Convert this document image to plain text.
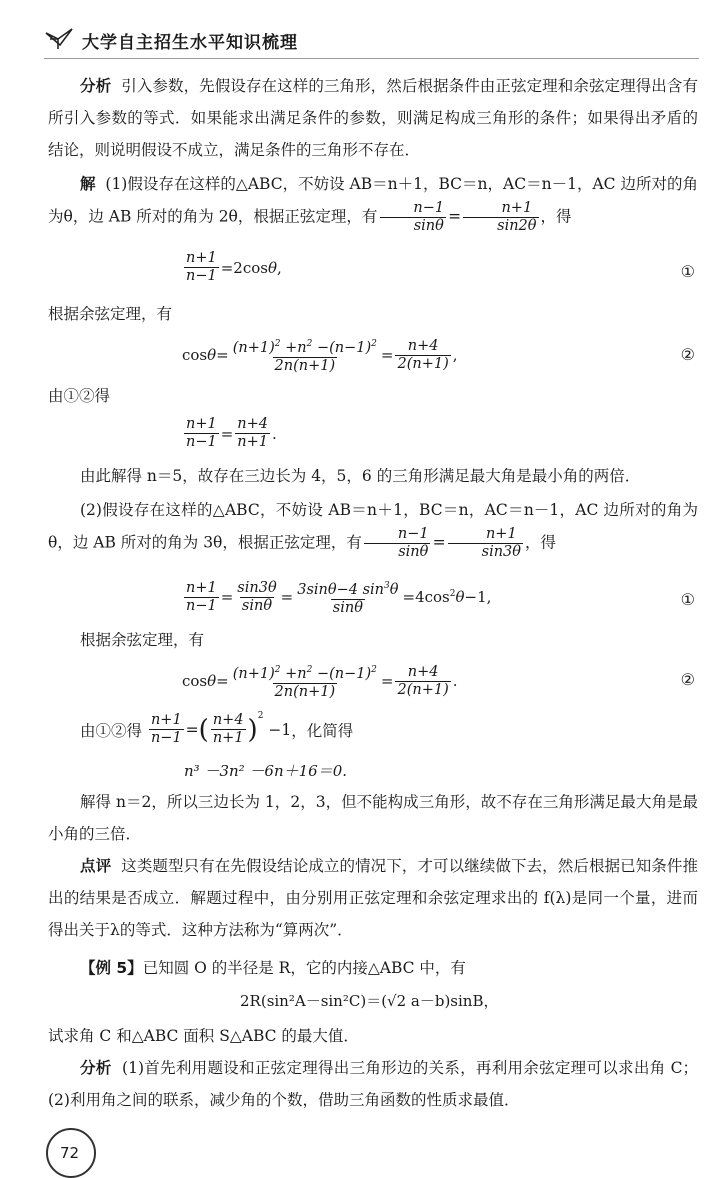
大学自主招生水平知识梳理
分析 引入参数，先假设存在这样的三角形，然后根据条件由正弦定理和余弦定理得出含有所引入参数的等式．如果能求出满足条件的参数，则满足构成三角形的条件；如果得出矛盾的结论，则说明假设不成立，满足条件的三角形不存在．
解 (1)假设存在这样的△ABC，不妨设 AB＝n＋1，BC＝n，AC＝n－1，AC 边所对的角为θ，边 AB 所对的角为 2θ，根据正弦定理，有 $\frac{n-1}{\sin\theta} = \frac{n+1}{\sin 2\theta}$ ，得
$\frac{n+1}{n-1} =2\cos$ θ ,	①
根据余弦定理，有
$\cos \theta = \frac{(n+1)^2 +n^2 -(n-1)^2}{2n(n+1)} = \frac{n+4}{2(n+1)}$ ,	②
由①②得
$\frac{n+1}{n-1} = \frac{n+4}{n+1}$ .
由此解得 n＝5，故存在三边长为 4，5，6 的三角形满足最大角是最小角的两倍．
(2)假设存在这样的△ABC，不妨设 AB＝n＋1，BC＝n，AC＝n－1，AC 边所对的角为θ，边 AB 所对的角为 3θ，根据正弦定理，有 $\frac{n-1}{\sin\theta} = \frac{n+1}{\sin 3\theta}$ ，得
$\frac{n+1}{n-1} = \frac{\sin 3\theta}{\sin\theta} = \frac{3\sin\theta-4 \sin^3\theta}{\sin\theta} =4\cos^2$ θ −1,	①
根据余弦定理，有
$\cos \theta = \frac{(n+1)^2 +n^2 -(n-1)^2}{2n(n+1)} = \frac{n+4}{2(n+1)}$ .	②
由①②得
$\frac{n+1}{n-1}$ = ( $\frac{n+4}{n+1} )^2$
−1 ，化简得
n³ －3n² －6n＋16＝0.
解得 n＝2，所以三边长为 1，2，3，但不能构成三角形，故不存在三角形满足最大角是最小角的三倍．
点评 这类题型只有在先假设结论成立的情况下，才可以继续做下去，然后根据已知条件推出的结果是否成立．解题过程中，由分别用正弦定理和余弦定理求出的 f(λ)是同一个量，进而得出关于λ的等式．这种方法称为“算两次”．
【例 5】已知圆 O 的半径是 R，它的内接△ABC 中，有
2R(sin²A－sin²C)＝(√2 a－b)sinB，
试求角 C 和△ABC 面积 S△ABC 的最大值．
分析 (1)首先利用题设和正弦定理得出三角形边的关系，再利用余弦定理可以求出角 C；(2)利用角之间的联系，减少角的个数，借助三角函数的性质求最值．
72
